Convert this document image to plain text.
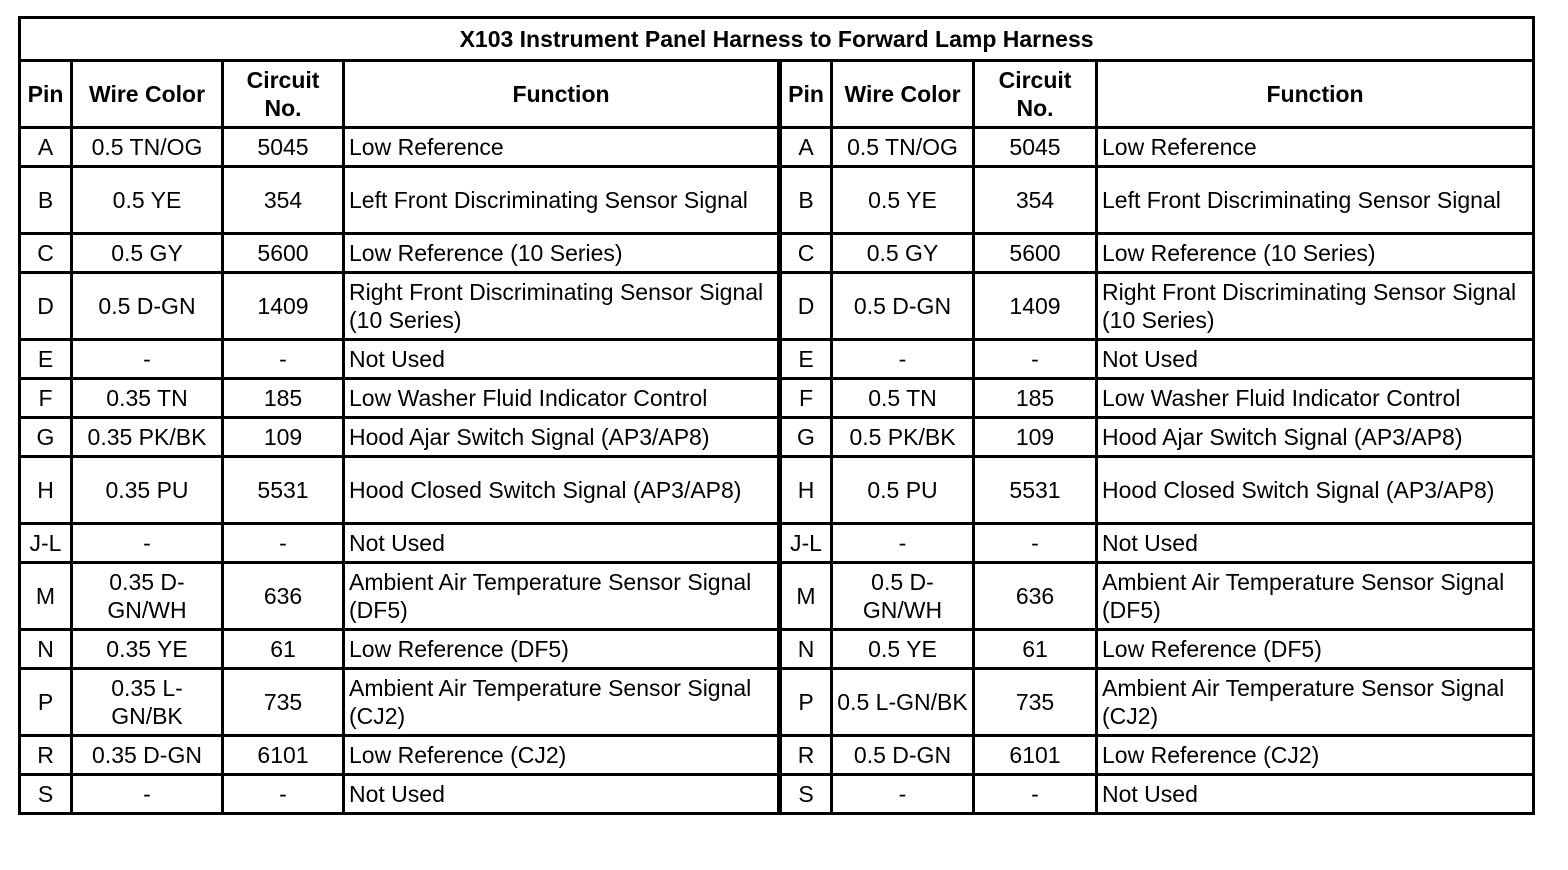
X103 Instrument Panel Harness to Forward Lamp Harness							
Pin	Wire Color	Circuit No.	Function	Pin	Wire Color	Circuit No.	Function
A	0.5 TN/OG	5045	Low Reference	A	0.5 TN/OG	5045	Low Reference
B	0.5 YE	354	Left Front Discriminating Sensor Signal	B	0.5 YE	354	Left Front Discriminating Sensor Signal
C	0.5 GY	5600	Low Reference (10 Series)	C	0.5 GY	5600	Low Reference (10 Series)
D	0.5 D-GN	1409	Right Front Discriminating Sensor Signal (10 Series)	D	0.5 D-GN	1409	Right Front Discriminating Sensor Signal (10 Series)
E	-	-	Not Used	E	-	-	Not Used
F	0.35 TN	185	Low Washer Fluid Indicator Control	F	0.5 TN	185	Low Washer Fluid Indicator Control
G	0.35 PK/BK	109	Hood Ajar Switch Signal (AP3/AP8)	G	0.5 PK/BK	109	Hood Ajar Switch Signal (AP3/AP8)
H	0.35 PU	5531	Hood Closed Switch Signal (AP3/AP8)	H	0.5 PU	5531	Hood Closed Switch Signal (AP3/AP8)
J-L	-	-	Not Used	J-L	-	-	Not Used
M	0.35 D-GN/WH	636	Ambient Air Temperature Sensor Signal (DF5)	M	0.5 D-GN/WH	636	Ambient Air Temperature Sensor Signal (DF5)
N	0.35 YE	61	Low Reference (DF5)	N	0.5 YE	61	Low Reference (DF5)
P	0.35 L-GN/BK	735	Ambient Air Temperature Sensor Signal (CJ2)	P	0.5 L-GN/BK	735	Ambient Air Temperature Sensor Signal (CJ2)
R	0.35 D-GN	6101	Low Reference (CJ2)	R	0.5 D-GN	6101	Low Reference (CJ2)
S	-	-	Not Used	S	-	-	Not Used
